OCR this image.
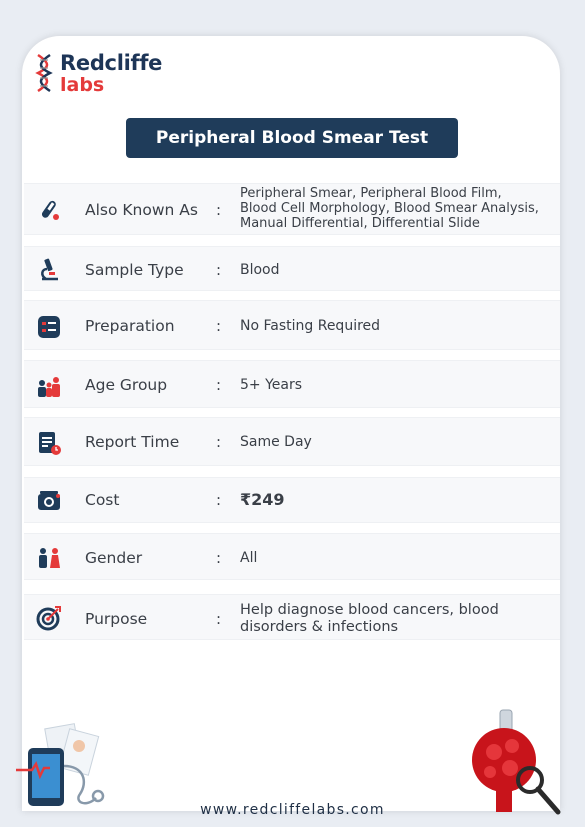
Redcliffe
labs
Peripheral Blood Smear Test
Also Known As :
Peripheral Smear, Peripheral Blood Film,
Blood Cell Morphology, Blood Smear Analysis,
Manual Differential, Differential Slide
Sample Type : Blood
Preparation	: No Fasting Required
Age Group	: 5+ Years
Report Time : Same Day
Cost	: ₹249
Gender	: All
Purpose	: Help diagnose blood cancers, blood
disorders & infections
www.redcliffelabs.com
